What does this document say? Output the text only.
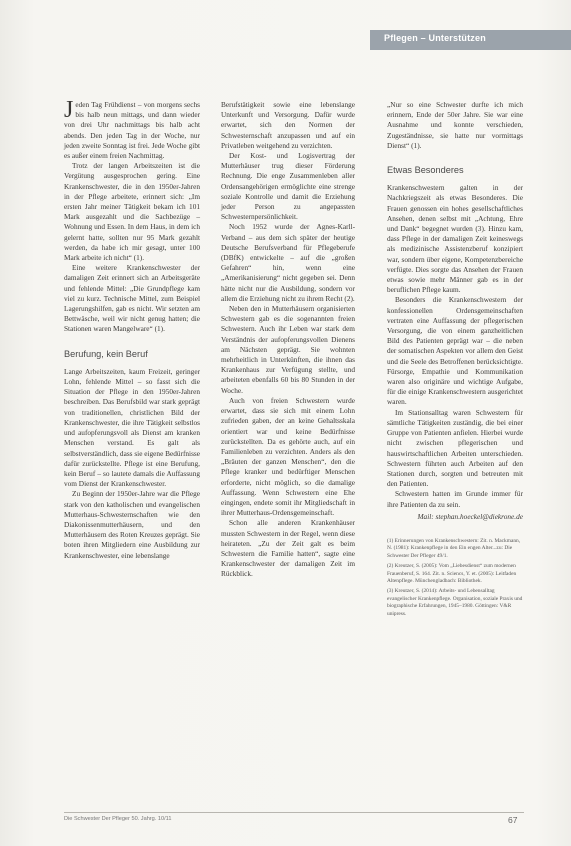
Pflegen – Unterstützen

Jeden Tag Frühdienst – von morgens sechs bis halb neun mittags, und dann wieder von drei Uhr nachmittags bis halb acht abends. Den jeden Tag in der Woche, nur jeden zweite Sonntag ist frei. Jede Woche gibt es außer einem freien Nachmittag.

Trotz der langen Arbeitszeiten ist die Vergütung ausgesprochen gering. Eine Krankenschwester, die in den 1950er-Jahren in der Pflege arbeitete, erinnert sich: „Im ersten Jahr meiner Tätigkeit bekam ich 101 Mark ausgezahlt und die Sachbezüge – Wohnung und Essen. In dem Haus, in dem ich gelernt hatte, sollten nur 95 Mark gezahlt werden, da habe ich mir gesagt, unter 100 Mark arbeite ich nicht“ (1).

Eine weitere Krankenschwester der damaligen Zeit erinnert sich an Arbeitsgeräte und fehlende Mittel: „Die Grundpflege kam viel zu kurz. Technische Mittel, zum Beispiel Lagerungshilfen, gab es nicht. Wir setzten am Bettwäsche, weil wir nicht genug hatten; die Stationen waren Mangelware“ (1).

Berufung, kein Beruf

Lange Arbeitszeiten, kaum Freizeit, geringer Lohn, fehlende Mittel – so fasst sich die Situation der Pflege in den 1950er-Jahren beschreiben. Das Berufsbild war stark geprägt von traditionellen, christlichen Bild der Krankenschwester, die ihre Tätigkeit selbstlos und aufopferungsvoll als Dienst am kranken Menschen verstand. Es galt als selbstverständlich, dass sie eigene Bedürfnisse dafür zurückstellte. Pflege ist eine Berufung, kein Beruf – so lautete damals die Auffassung vom Dienst der Krankenschwester.

Zu Beginn der 1950er-Jahre war die Pflege stark von den katholischen und evangelischen Mutterhaus-Schwesternschaften wie den Diakonissenmutterhäusern, und den Mutterhäusern des Roten Kreuzes geprägt. Sie boten ihren Mitgliedern eine Ausbildung zur Krankenschwester, eine lebenslange

Berufstätigkeit sowie eine lebenslange Unterkunft und Versorgung. Dafür wurde erwartet, sich den Normen der Schwesternschaft anzupassen und auf ein Privatleben weitgehend zu verzichten.

Der Kost- und Logisvertrag der Mutterhäuser trug dieser Förderung Rechnung. Die enge Zusammenleben aller Ordensangehörigen ermöglichte eine strenge soziale Kontrolle und damit die Erziehung jeder Person zu angepassten Schwesternpersönlichkeit.

Noch 1952 wurde der Agnes-Karll-Verband – aus dem sich später der heutige Deutsche Berufsverband für Pflegeberufe (DBfK) entwickelte – auf die „großen Gefahren“ hin, wenn eine „Amerikanisierung“ nicht gegeben sei. Denn hätte nicht nur die Ausbildung, sondern vor allem die Erziehung nicht zu ihrem Recht (2).

Neben den in Mutterhäusern organisierten Schwestern gab es die sogenannten freien Schwestern. Auch ihr Leben war stark dem Verständnis der aufopferungsvollen Dienens am Nächsten geprägt. Sie wohnten mehrheitlich in Unterkünften, die ihnen das Krankenhaus zur Verfügung stellte, und arbeiteten ebenfalls 60 bis 80 Stunden in der Woche.

Auch von freien Schwestern wurde erwartet, dass sie sich mit einem Lohn zufrieden gaben, der an keine Gehaltsskala orientiert war und keine Bedürfnisse zurückstellten. Da es gehörte auch, auf ein Familienleben zu verzichten. Anders als den „Bräuten der ganzen Menschen“, den die Pflege kranker und bedürftiger Menschen erforderte, nicht möglich, so die damalige Auffassung. Wenn Schwestern eine Ehe eingingen, endete somit ihr Mitgliedschaft in ihrer Mutterhaus-Ordensgemeinschaft.

Schon alle anderen Krankenhäuser mussten Schwestern in der Regel, wenn diese heirateten. „Zu der Zeit galt es beim Schwestern die Familie hatten“, sagte eine Krankenschwester der damaligen Zeit im Rückblick.

„Nur so eine Schwester durfte ich mich erinnern, Ende der 50er Jahre. Sie war eine Ausnahme und konnte verschieden, Zugeständnisse, sie hatte nur vormittags Dienst“ (1).

Etwas Besonderes

Krankenschwestern galten in der Nachkriegszeit als etwas Besonderes. Die Frauen genossen ein hohes gesellschaftliches Ansehen, denen selbst mit „Achtung, Ehre und Dank“ begegnet wurden (3). Hinzu kam, dass Pflege in der damaligen Zeit keineswegs als medizinische Assistenzberuf konzipiert war, sondern über eigene, Kompetenzbereiche verfügte. Dies sorgte das Ansehen der Frauen etwas sowie mehr Männer gab es in der beruflichen Pflege kaum.

Besonders die Krankenschwestern der konfessionellen Ordensgemeinschaften vertraten eine Auffassung der pflegerischen Versorgung, die von einem ganzheitlichen Bild des Patienten geprägt war – die neben der somatischen Aspekten vor allem den Geist und die Seele des Betroffenen berücksichtigte. Fürsorge, Empathie und Kommunikation waren also originäre und wichtige Aufgabe, für die einige Krankenschwestern ausgerichtet waren.

Im Stationsalltag waren Schwestern für sämtliche Tätigkeiten zuständig, die bei einer Gruppe von Patienten anfielen. Hierbei wurde nicht zwischen pflegerischen und hauswirtschaftlichen Arbeiten unterschieden. Schwestern führten auch Arbeiten auf den Stationen durch, sorgten und betreuten mit den Patienten.

Schwestern hatten im Grunde immer für ihre Patienten da zu sein.

Mail: stephan.hoeckel@diekrone.de
(1) Erinnerungen von Krankenschwestern: Zit. n. Mackmann, N. (1981): Krankenpflege in den Ein engen Alter...zu: Die Schwester Der Pfleger 49/1.
(2) Kreutzer, S. (2005): Vom „Liebesdienst“ zum modernen Frauenberuf, S. 164. Zit. n. Sciencs, Y. et. (2005): Leitfaden Altenpflege. Münchengladbach: Bibliothek.
(3) Kreutzer, S. (2014): Arbeits- und Lebensalltag evangelischer Krankenpflege. Organisation, soziale Praxis und biographische Erfahrungen, 1945–1980. Göttingen: V&R unipress.
Die Schwester Der Pfleger 50. Jahrg. 10/11	67
